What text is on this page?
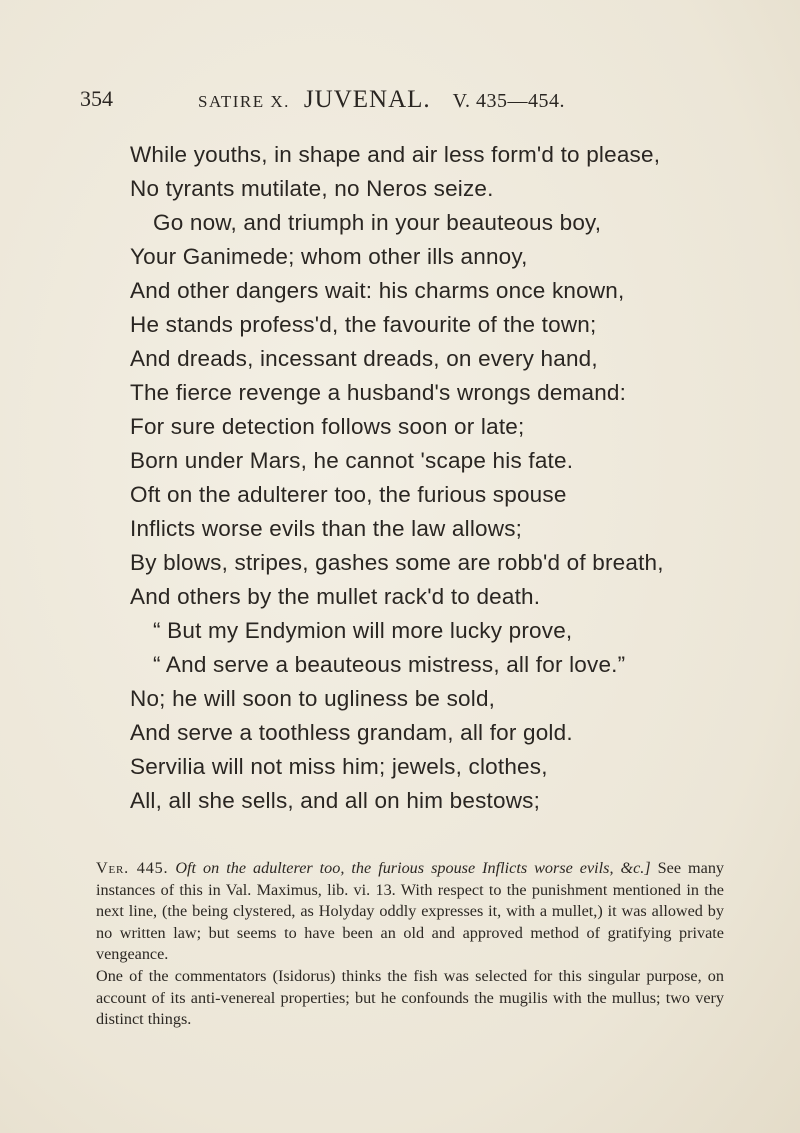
354	SATIRE X. JUVENAL. V. 435—454.
While youths, in shape and air less form'd to please,
No tyrants mutilate, no Neros seize.
Go now, and triumph in your beauteous boy,
Your Ganimede; whom other ills annoy,
And other dangers wait: his charms once known,
He stands profess'd, the favourite of the town;
And dreads, incessant dreads, on every hand,
The fierce revenge a husband's wrongs demand:
For sure detection follows soon or late;
Born under Mars, he cannot 'scape his fate.
Oft on the adulterer too, the furious spouse
Inflicts worse evils than the law allows;
By blows, stripes, gashes some are robb'd of breath,
And others by the mullet rack'd to death.
“ But my Endymion will more lucky prove,
“ And serve a beauteous mistress, all for love.”
No; he will soon to ugliness be sold,
And serve a toothless grandam, all for gold.
Servilia will not miss him; jewels, clothes,
All, all she sells, and all on him bestows;

Ver. 445. Oft on the adulterer too, the furious spouse Inflicts worse evils, &c.] See many instances of this in Val. Maximus, lib. vi. 13. With respect to the punishment mentioned in the next line, (the being clystered, as Holyday oddly expresses it, with a mullet,) it was allowed by no written law; but seems to have been an old and approved method of gratifying private vengeance.

One of the commentators (Isidorus) thinks the fish was selected for this singular purpose, on account of its anti-venereal properties; but he confounds the mugilis with the mullus; two very distinct things.
